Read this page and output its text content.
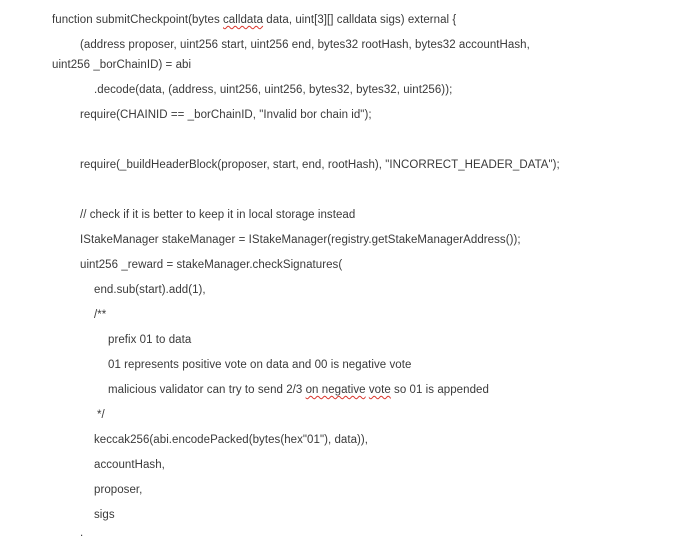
function submitCheckpoint(bytes calldata data, uint[3][] calldata sigs) external {
(address proposer, uint256 start, uint256 end, bytes32 rootHash, bytes32 accountHash,
uint256 _borChainID) = abi
.decode(data, (address, uint256, uint256, bytes32, bytes32, uint256));
require(CHAINID == _borChainID, "Invalid bor chain id");
require(_buildHeaderBlock(proposer, start, end, rootHash), "INCORRECT_HEADER_DATA");
// check if it is better to keep it in local storage instead
IStakeManager stakeManager = IStakeManager(registry.getStakeManagerAddress());
uint256 _reward = stakeManager.checkSignatures(
end.sub(start).add(1),
/**
prefix 01 to data
01 represents positive vote on data and 00 is negative vote
malicious validator can try to send 2/3 on negative vote so 01 is appended
*/
keccak256(abi.encodePacked(bytes(hex"01"), data)),
accountHash,
proposer,
sigs
.
